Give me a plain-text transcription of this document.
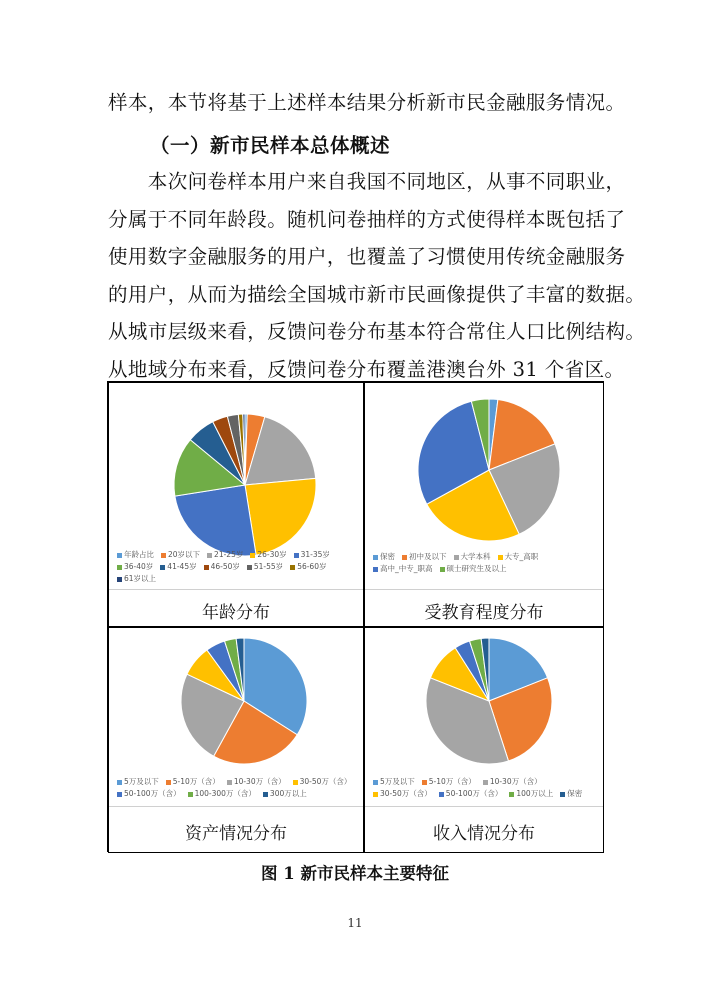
样本，本节将基于上述样本结果分析新市民金融服务情况。
（一）新市民样本总体概述
　　本次问卷样本用户来自我国不同地区，从事不同职业，
分属于不同年龄段。随机问卷抽样的方式使得样本既包括了
使用数字金融服务的用户，也覆盖了习惯使用传统金融服务
的用户，从而为描绘全国城市新市民画像提供了丰富的数据。
从城市层级来看，反馈问卷分布基本符合常住人口比例结构。
从地域分布来看，反馈问卷分布覆盖港澳台外 31 个省区。
年龄占比 20岁以下 21-25岁 26-30岁 31-35岁36-40岁 41-45岁 46-50岁 51-55岁 56-60岁61岁以上
年龄分布
保密 初中及以下 大学本科 大专_高职高中_中专_职高 硕士研究生及以上
受教育程度分布
5万及以下 5-10万（含） 10-30万（含） 30-50万（含）50-100万（含） 100-300万（含） 300万以上
资产情况分布
5万及以下 5-10万（含） 10-30万（含）30-50万（含） 50-100万（含） 100万以上 保密
收入情况分布
图 1 新市民样本主要特征
11
